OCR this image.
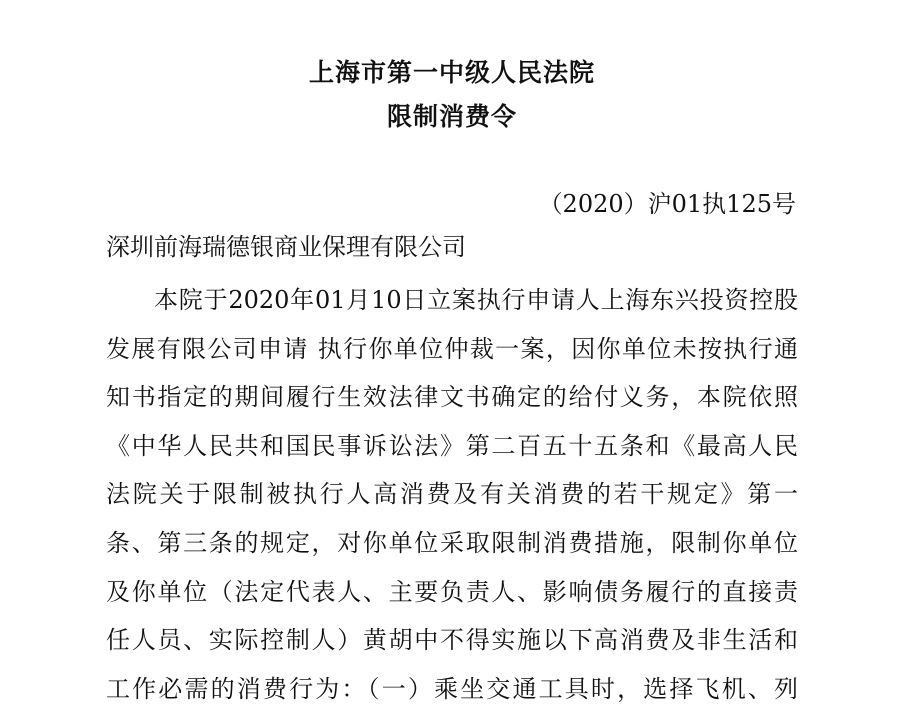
上海市第一中级人民法院
限制消费令
（2020）沪01执125号
深圳前海瑞德银商业保理有限公司
本院于2020年01月10日立案执行申请人上海东兴投资控股
发展有限公司申请 执行你单位仲裁一案，因你单位未按执行通
知书指定的期间履行生效法律文书确定的给付义务，本院依照
《中华人民共和国民事诉讼法》第二百五十五条和《最高人民
法院关于限制被执行人高消费及有关消费的若干规定》第一
条、第三条的规定，对你单位采取限制消费措施，限制你单位
及你单位（法定代表人、主要负责人、影响债务履行的直接责
任人员、实际控制人）黄胡中不得实施以下高消费及非生活和
工作必需的消费行为：（一）乘坐交通工具时，选择飞机、列
